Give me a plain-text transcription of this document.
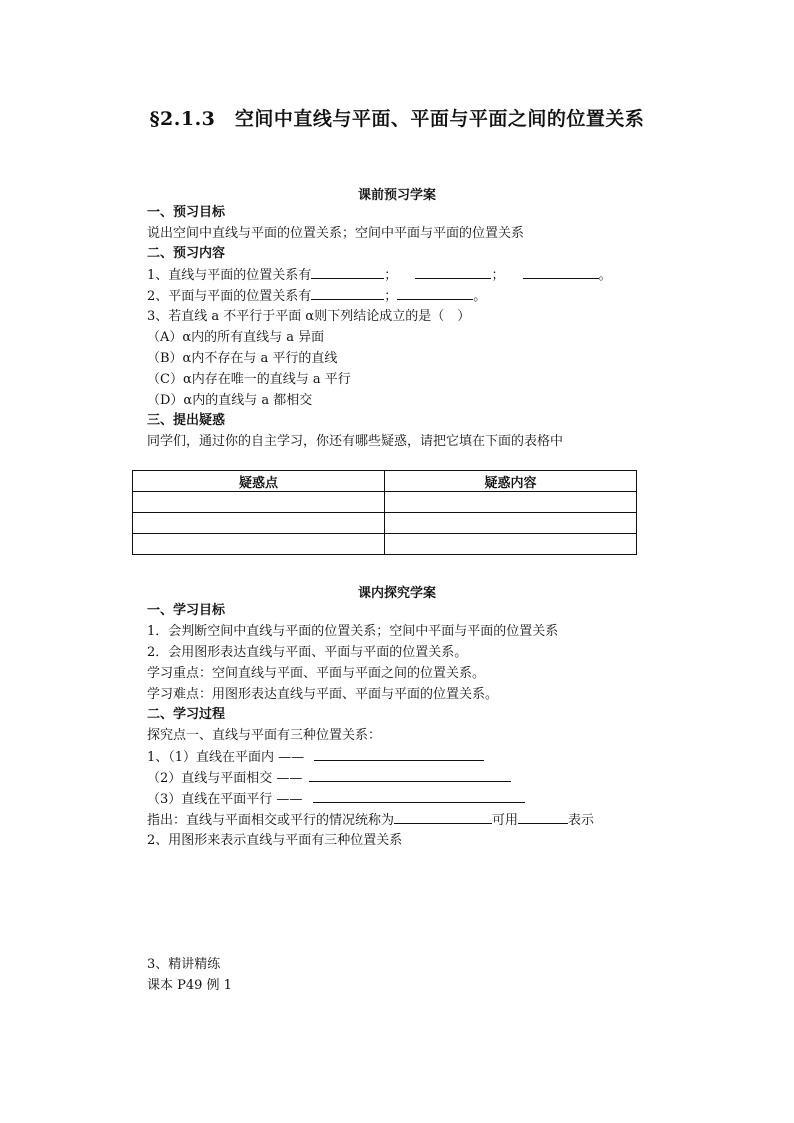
§2.1.3　空间中直线与平面、平面与平面之间的位置关系
课前预习学案
一、预习目标
说出空间中直线与平面的位置关系；空间中平面与平面的位置关系
二、预习内容
1、直线与平面的位置关系有	；	；	。
2、平面与平面的位置关系有	；	。
3、若直线 a 不平行于平面 α则下列结论成立的是（　）
（A）α内的所有直线与 a 异面
（B）α内不存在与 a 平行的直线
（C）α内存在唯一的直线与 a 平行
（D）α内的直线与 a 都相交
三、提出疑惑
同学们，通过你的自主学习，你还有哪些疑惑，请把它填在下面的表格中
疑惑点	疑惑内容

课内探究学案
一、学习目标
1．会判断空间中直线与平面的位置关系；空间中平面与平面的位置关系
2．会用图形表达直线与平面、平面与平面的位置关系。
学习重点：空间直线与平面、平面与平面之间的位置关系。
学习难点：用图形表达直线与平面、平面与平面的位置关系。
二、学习过程
探究点一、直线与平面有三种位置关系：
1、（1）直线在平面内 ——
（2）直线与平面相交 ——
（3）直线在平面平行 ——
指出：直线与平面相交或平行的情况统称为	可用	表示
2、用图形来表示直线与平面有三种位置关系
3、精讲精练
课本 P49 例 1
